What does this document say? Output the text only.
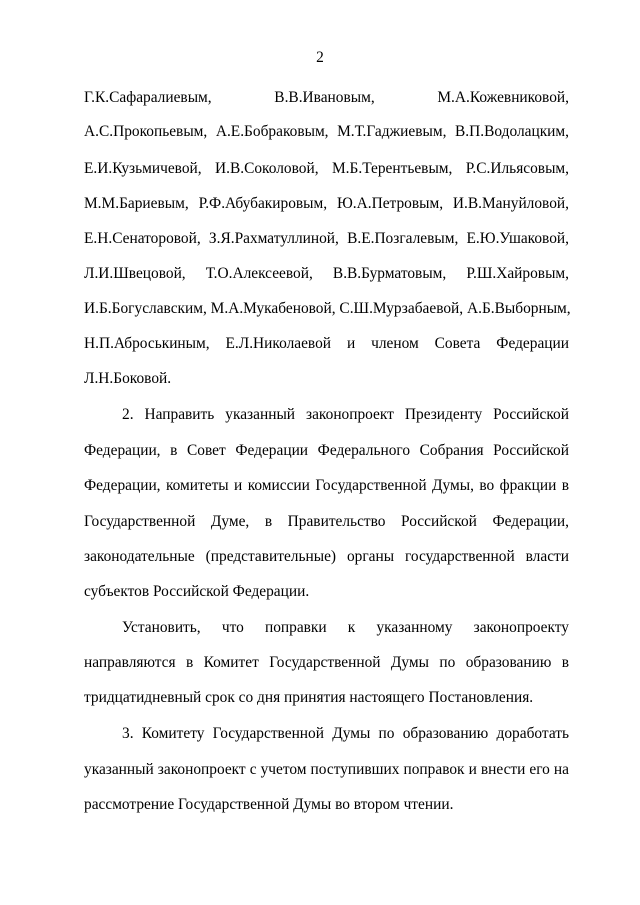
2
Г.К.Сафаралиевым, В.В.Ивановым, М.А.Кожевниковой,
А.С.Прокопьевым, А.Е.Бобраковым, М.Т.Гаджиевым, В.П.Водолацким,
Е.И.Кузьмичевой, И.В.Соколовой, М.Б.Терентьевым, Р.С.Ильясовым,
М.М.Бариевым, Р.Ф.Абубакировым, Ю.А.Петровым, И.В.Мануйловой,
Е.Н.Сенаторовой, З.Я.Рахматуллиной, В.Е.Позгалевым, Е.Ю.Ушаковой,
Л.И.Швецовой, Т.О.Алексеевой, В.В.Бурматовым, Р.Ш.Хайровым,
И.Б.Богуславским, М.А.Мукабеновой, С.Ш.Мурзабаевой, А.Б.Выборным,
Н.П.Аброськиным, Е.Л.Николаевой и членом Совета Федерации
Л.Н.Боковой.
2. Направить указанный законопроект Президенту Российской
Федерации, в Совет Федерации Федерального Собрания Российской
Федерации, комитеты и комиссии Государственной Думы, во фракции в
Государственной Думе, в Правительство Российской Федерации,
законодательные (представительные) органы государственной власти
субъектов Российской Федерации.
Установить, что поправки к указанному законопроекту
направляются в Комитет Государственной Думы по образованию в
тридцатидневный срок со дня принятия настоящего Постановления.
3. Комитету Государственной Думы по образованию доработать
указанный законопроект с учетом поступивших поправок и внести его на
рассмотрение Государственной Думы во втором чтении.
